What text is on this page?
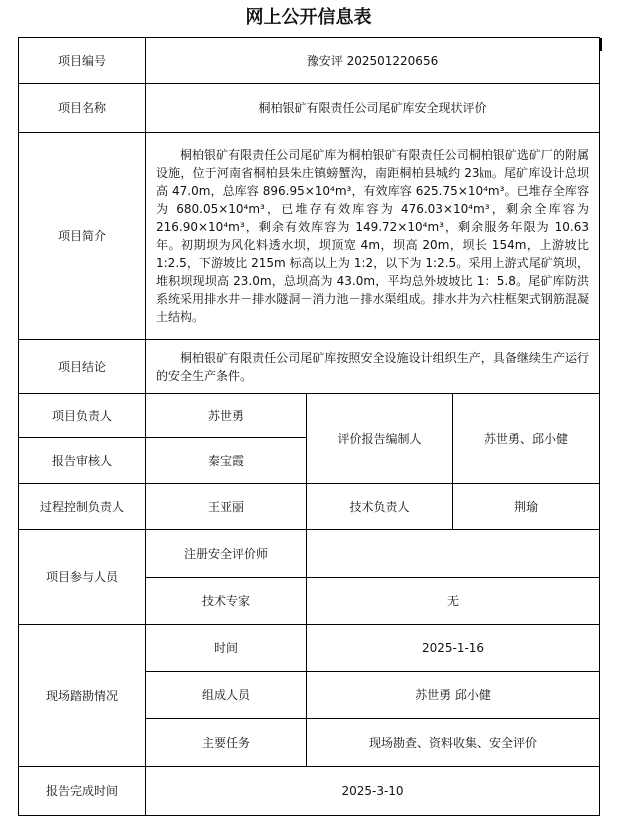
网上公开信息表
项目编号	豫安评 202501220656		
项目名称	桐柏银矿有限责任公司尾矿库安全现状评价		
项目简介	桐柏银矿有限责任公司尾矿库为桐柏银矿有限责任公司桐柏银矿选矿厂的附属设施，位于河南省桐柏县朱庄镇螃蟹沟，南距桐柏县城约 23㎞。尾矿库设计总坝高 47.0m，总库容 896.95×10⁴m³，有效库容 625.75×10⁴m³。已堆存全库容为 680.05×10⁴m³，已堆存有效库容为 476.03×10⁴m³，剩余全库容为 216.90×10⁴m³，剩余有效库容为 149.72×10⁴m³，剩余服务年限为 10.63 年。初期坝为风化料透水坝，坝顶宽 4m，坝高 20m，坝长 154m，上游坡比 1:2.5，下游坡比 215m 标高以上为 1:2，以下为 1:2.5。采用上游式尾矿筑坝，堆积坝现坝高 23.0m，总坝高为 43.0m，平均总外坡坡比 1：5.8。尾矿库防洪系统采用排水井－排水隧洞－消力池－排水渠组成。排水井为六柱框架式钢筋混凝土结构。		

项目结论	桐柏银矿有限责任公司尾矿库按照安全设施设计组织生产，具备继续生产运行的安全生产条件。		

项目负责人	苏世勇	评价报告编制人	苏世勇、邱小健
报告审核人	秦宝霞		
过程控制负责人	王亚丽	技术负责人	荆瑜
项目参与人员	注册安全评价师		
	技术专家	无	
现场踏勘情况	时间	2025-1-16	
	组成人员	苏世勇 邱小健	
	主要任务	现场勘查、资料收集、安全评价	
报告完成时间	2025-3-10		
